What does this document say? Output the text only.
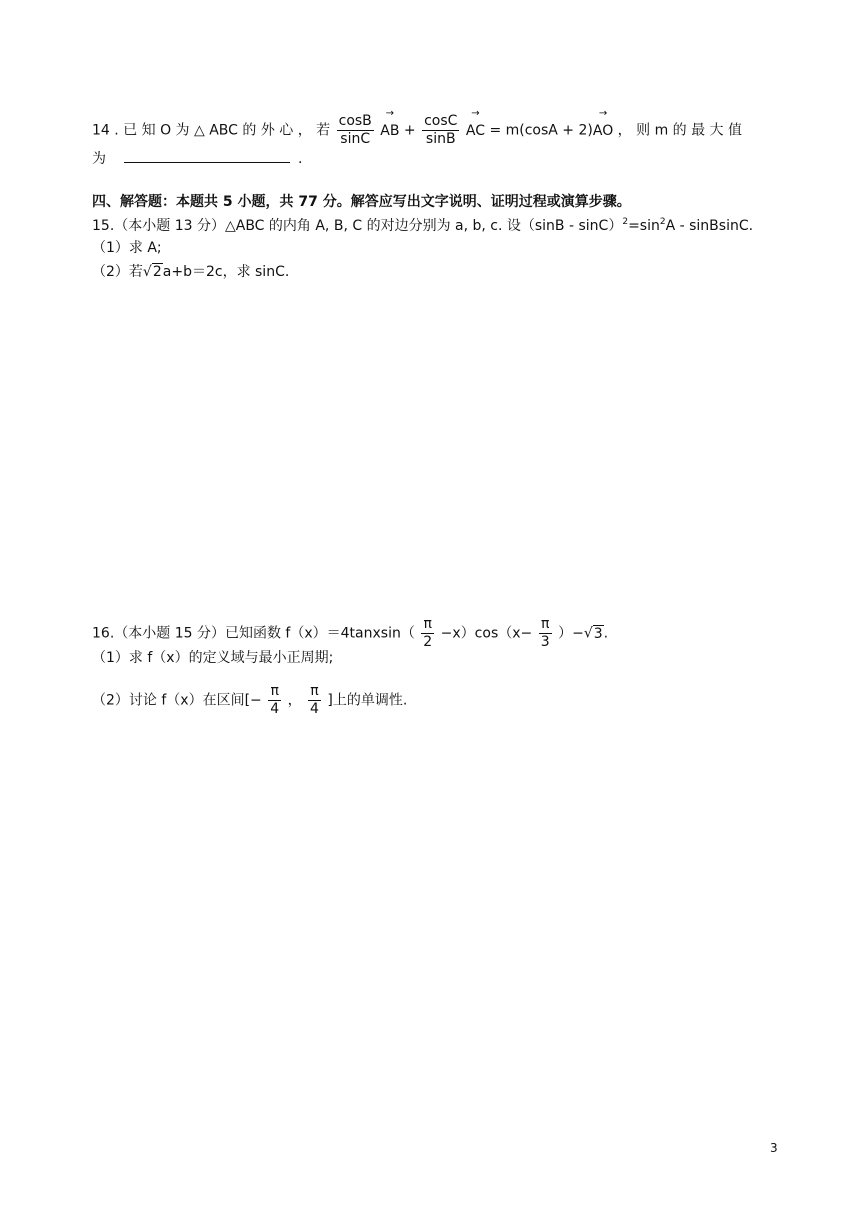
14 . 已 知 O 为 △ ABC 的 外 心 ， 若 $\frac{\cos B}{\sin C}$ → AB + $\frac{\cos C}{\sin B}$ → AC = m(cosA + 2)→ AO ， 则 m 的 最 大 值
为	.
四、解答题：本题共 5 小题，共 77 分。解答应写出文字说明、证明过程或演算步骤。
15.（本小题 13 分）△ABC 的内角 A, B, C 的对边分别为 a, b, c. 设$(\sin B - \sin C)^2=\sin^2A$ - sinBsinC.
（1）求 A;
（2）若√2a+b＝2c，求 sinC.
16.（本小题 15 分）已知函数 f（x）＝4tanxsin（ $\frac{\pi}{2} -x)\cos(x- \frac{\pi}{3} )-√3$.
（1）求 f（x）的定义域与最小正周期;
（2）讨论 f（x）在区间[− $\frac{\pi}{4}$ ， $\frac{\pi}{4}$ ]上的单调性.
3
